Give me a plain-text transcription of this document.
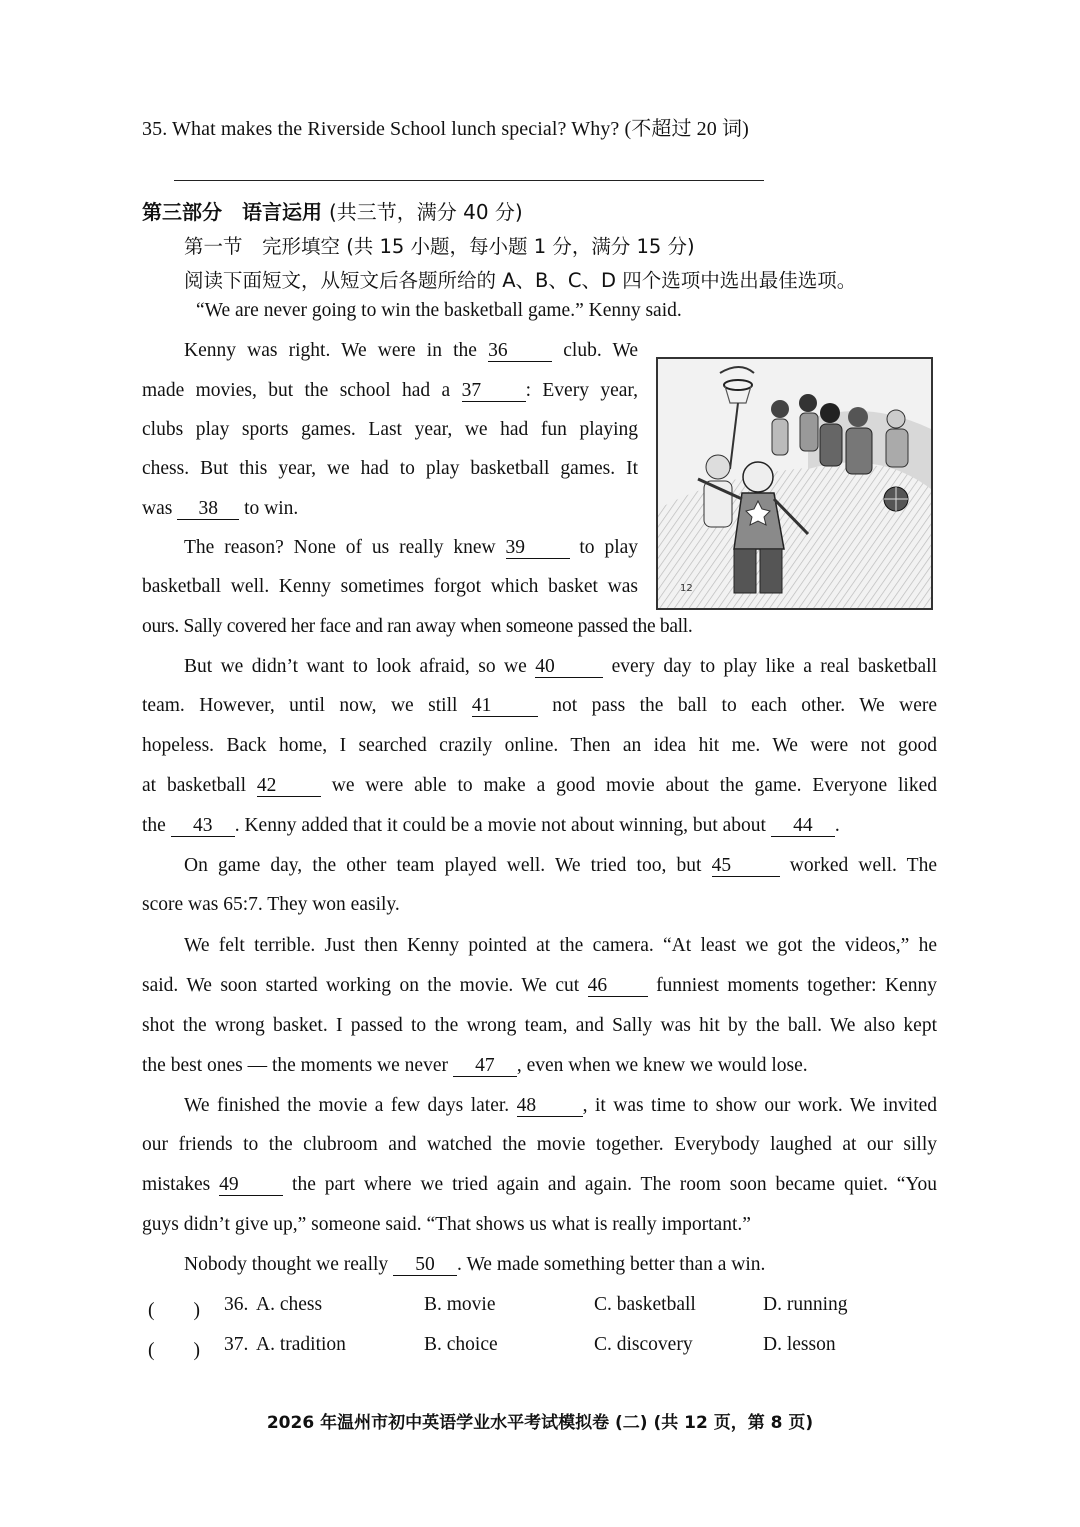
35. What makes the Riverside School lunch special? Why? (不超过 20 词)
第三部分　语言运用 (共三节，满分 40 分)
第一节　完形填空 (共 15 小题，每小题 1 分，满分 15 分)
阅读下面短文，从短文后各题所给的 A、B、C、D 四个选项中选出最佳选项。
“We are never going to win the basketball game.” Kenny said.
Kenny was right. We were in the 36	club. We
made movies, but the school had a 37 : Every year,
clubs play sports games. Last year, we had fun playing
chess. But this year, we had to play basketball games. It
was 38 to win.
The reason? None of us really knew 39	to play
basketball well. Kenny sometimes forgot which basket was
ours. Sally covered her face and ran away when someone passed the ball.
But we didn’t want to look afraid, so we 40	every day to play like a real basketball
team. However, until now, we still 41	not pass the ball to each other. We were
hopeless. Back home, I searched crazily online. Then an idea hit me. We were not good
at basketball 42	we were able to make a good movie about the game. Everyone liked
the 43 . Kenny added that it could be a movie not about winning, but about 44 .
On game day, the other team played well. We tried too, but 45	worked well. The
score was 65:7. They won easily.
We felt terrible. Just then Kenny pointed at the camera. “At least we got the videos,” he
said. We soon started working on the movie. We cut 46	funniest moments together: Kenny
shot the wrong basket. I passed to the wrong team, and Sally was hit by the ball. We also kept
the best ones — the moments we never 47 , even when we knew we would lose.
We finished the movie a few days later. 48 , it was time to show our work. We invited
our friends to the clubroom and watched the movie together. Everybody laughed at our silly
mistakes 49	the part where we tried again and again. The room soon became quiet. “You
guys didn’t give up,” someone said. “That shows us what is really important.”
Nobody thought we really 50 . We made something better than a win.
12
(　　) 36. A. chess	B. movie	C. basketball	D. running
(　　) 37. A. tradition	B. choice	C. discovery	D. lesson
2026 年温州市初中英语学业水平考试模拟卷 (二) (共 12 页，第 8 页)
